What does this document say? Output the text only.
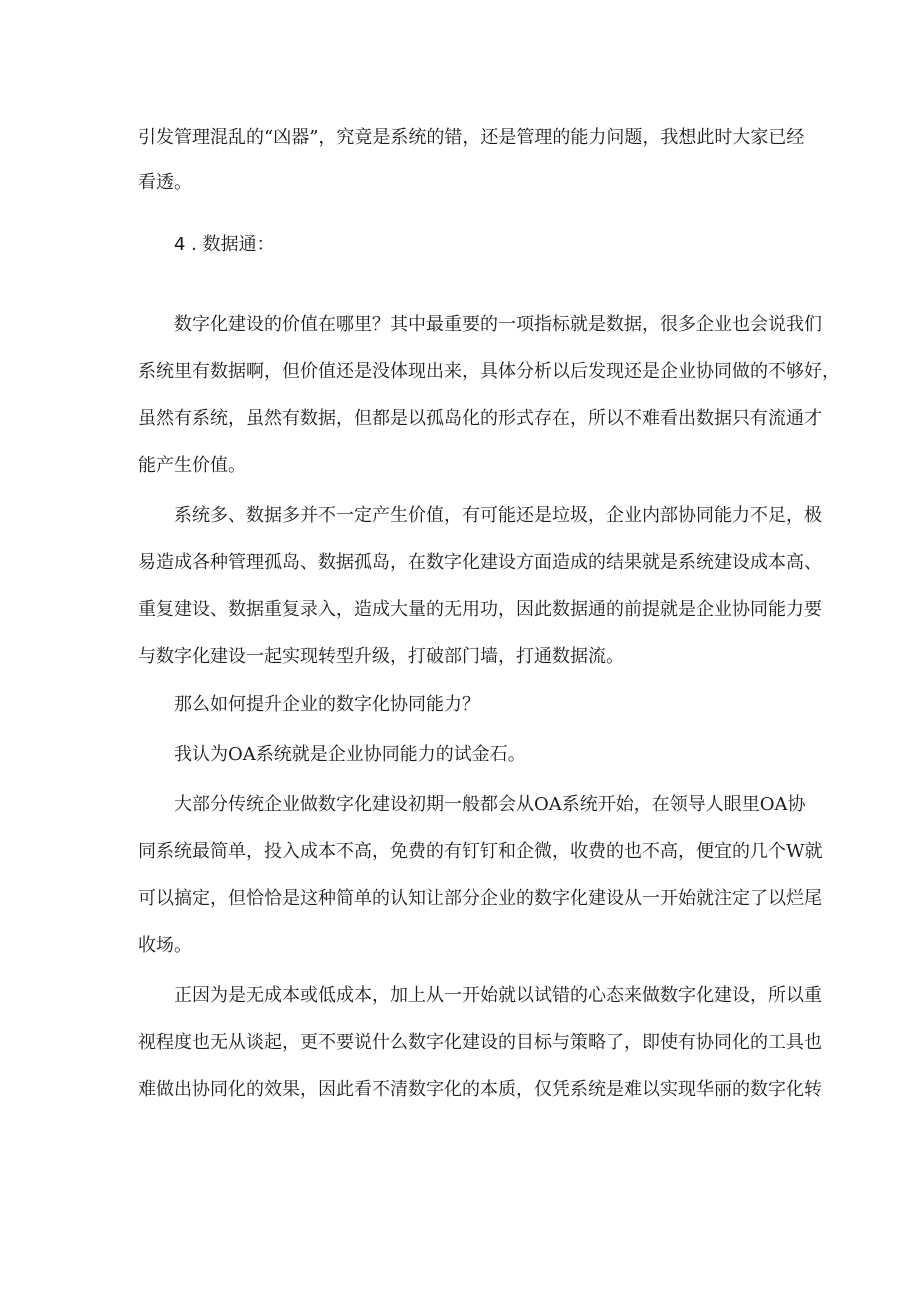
引发管理混乱的“凶器”，究竟是系统的错，还是管理的能力问题，我想此时大家已经

看透。

4 . 数据通：

数字化建设的价值在哪里？其中最重要的一项指标就是数据，很多企业也会说我们

系统里有数据啊，但价值还是没体现出来，具体分析以后发现还是企业协同做的不够好，

虽然有系统，虽然有数据，但都是以孤岛化的形式存在，所以不难看出数据只有流通才

能产生价值。

系统多、数据多并不一定产生价值，有可能还是垃圾，企业内部协同能力不足，极

易造成各种管理孤岛、数据孤岛，在数字化建设方面造成的结果就是系统建设成本高、

重复建设、数据重复录入，造成大量的无用功，因此数据通的前提就是企业协同能力要

与数字化建设一起实现转型升级，打破部门墙，打通数据流。

那么如何提升企业的数字化协同能力？

我认为OA系统就是企业协同能力的试金石。

大部分传统企业做数字化建设初期一般都会从OA系统开始，在领导人眼里OA协

同系统最简单，投入成本不高，免费的有钉钉和企微，收费的也不高，便宜的几个W就

可以搞定，但恰恰是这种简单的认知让部分企业的数字化建设从一开始就注定了以烂尾

收场。

正因为是无成本或低成本，加上从一开始就以试错的心态来做数字化建设，所以重

视程度也无从谈起，更不要说什么数字化建设的目标与策略了，即使有协同化的工具也

难做出协同化的效果，因此看不清数字化的本质，仅凭系统是难以实现华丽的数字化转
